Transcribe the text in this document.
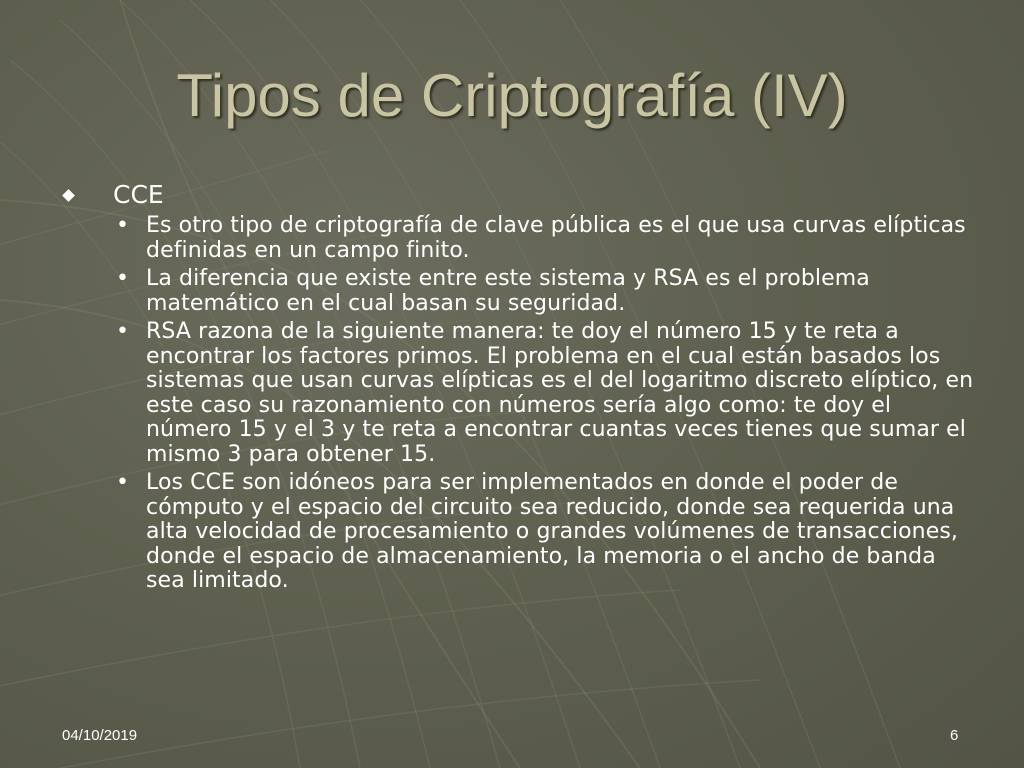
Tipos de Criptografía (IV)
CCE
• Es otro tipo de criptografía de clave pública es el que usa curvas elípticas definidas en un campo finito.
• La diferencia que existe entre este sistema y RSA es el problema matemático en el cual basan su seguridad.
• RSA razona de la siguiente manera: te doy el número 15 y te reta a encontrar los factores primos. El problema en el cual están basados los sistemas que usan curvas elípticas es el del logaritmo discreto elíptico, en este caso su razonamiento con números sería algo como: te doy el número 15 y el 3 y te reta a encontrar cuantas veces tienes que sumar el mismo 3 para obtener 15.
• Los CCE son idóneos para ser implementados en donde el poder de cómputo y el espacio del circuito sea reducido, donde sea requerida una alta velocidad de procesamiento o grandes volúmenes de transacciones, donde el espacio de almacenamiento, la memoria o el ancho de banda sea limitado.
04/10/2019	6
